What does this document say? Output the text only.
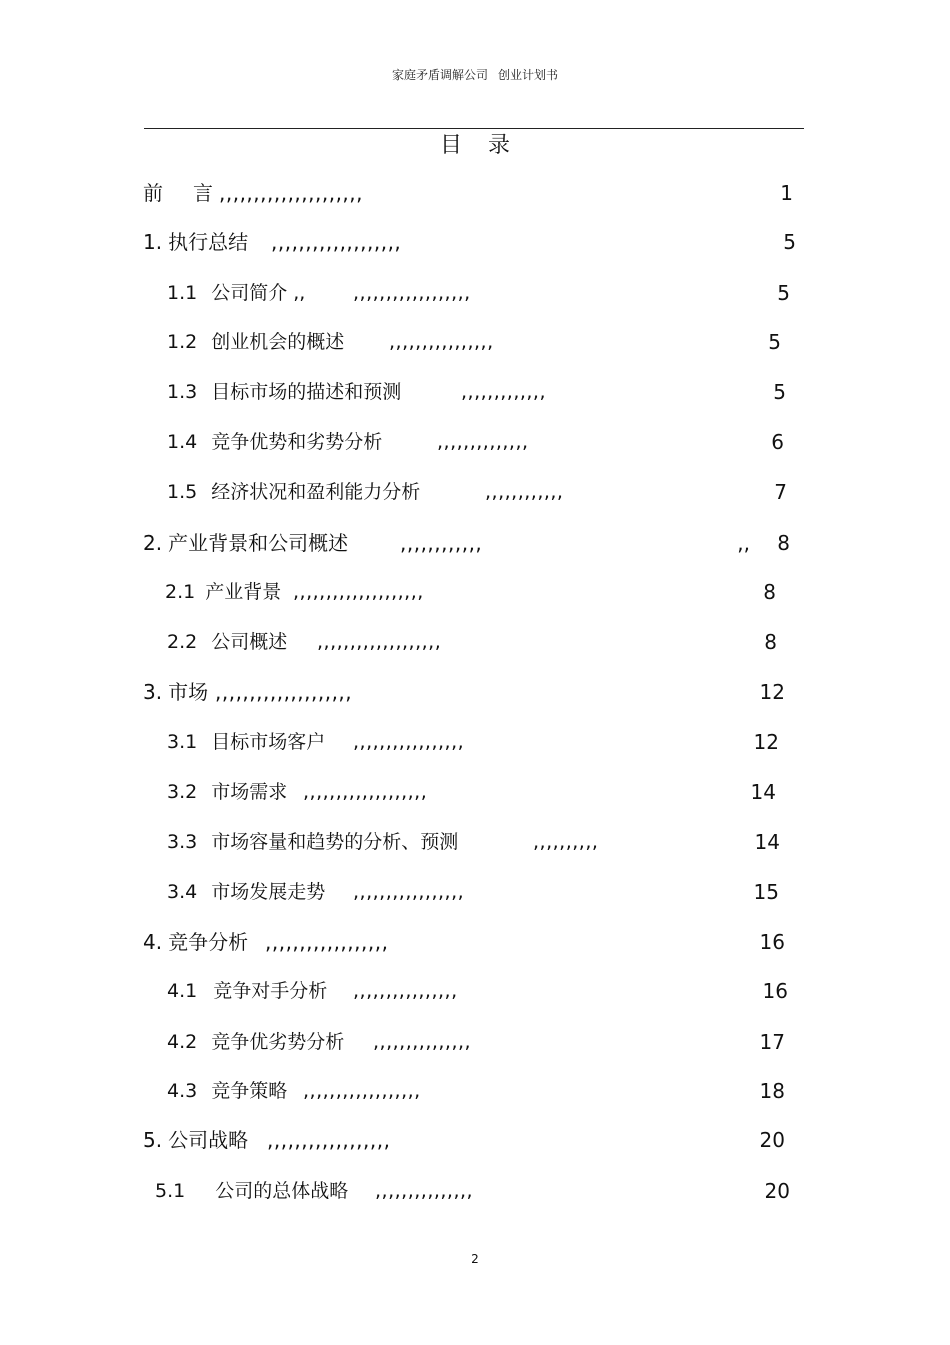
家庭矛盾调解公司 创业计划书
目录
前 言 ,,,,,,,,,,,,,,,,,,,,,	1
1. 执行总结 ,,,,,,,,,,,,,,,,,,,	5
1.1 公司简介 ,,	,,,,,,,,,,,,,,,,,,	5
1.2 创业机会的概述 ,,,,,,,,,,,,,,,,	5
1.3 目标市场的描述和预测	,,,,,,,,,,,,,	5
1.4 竞争优势和劣势分析	,,,,,,,,,,,,,,	6
1.5 经济状况和盈利能力分析	,,,,,,,,,,,,	7
2. 产业背景和公司概述	,,,,,,,,,,,,	,,	8
2.1 产业背景 ,,,,,,,,,,,,,,,,,,,,	8
2.2 公司概述 ,,,,,,,,,,,,,,,,,,,	8
3. 市场 ,,,,,,,,,,,,,,,,,,,,	12
3.1 目标市场客户 ,,,,,,,,,,,,,,,,,	12
3.2 市场需求 ,,,,,,,,,,,,,,,,,,,	14
3.3 市场容量和趋势的分析、预测	,,,,,,,,,,	14
3.4 市场发展走势 ,,,,,,,,,,,,,,,,,	15
4. 竞争分析 ,,,,,,,,,,,,,,,,,,	16
4.1 竞争对手分析 ,,,,,,,,,,,,,,,,	16
4.2 竞争优劣势分析 ,,,,,,,,,,,,,,,	17
4.3 竞争策略 ,,,,,,,,,,,,,,,,,,	18
5. 公司战略 ,,,,,,,,,,,,,,,,,,	20
5.1 公司的总体战略 ,,,,,,,,,,,,,,,	20
2
